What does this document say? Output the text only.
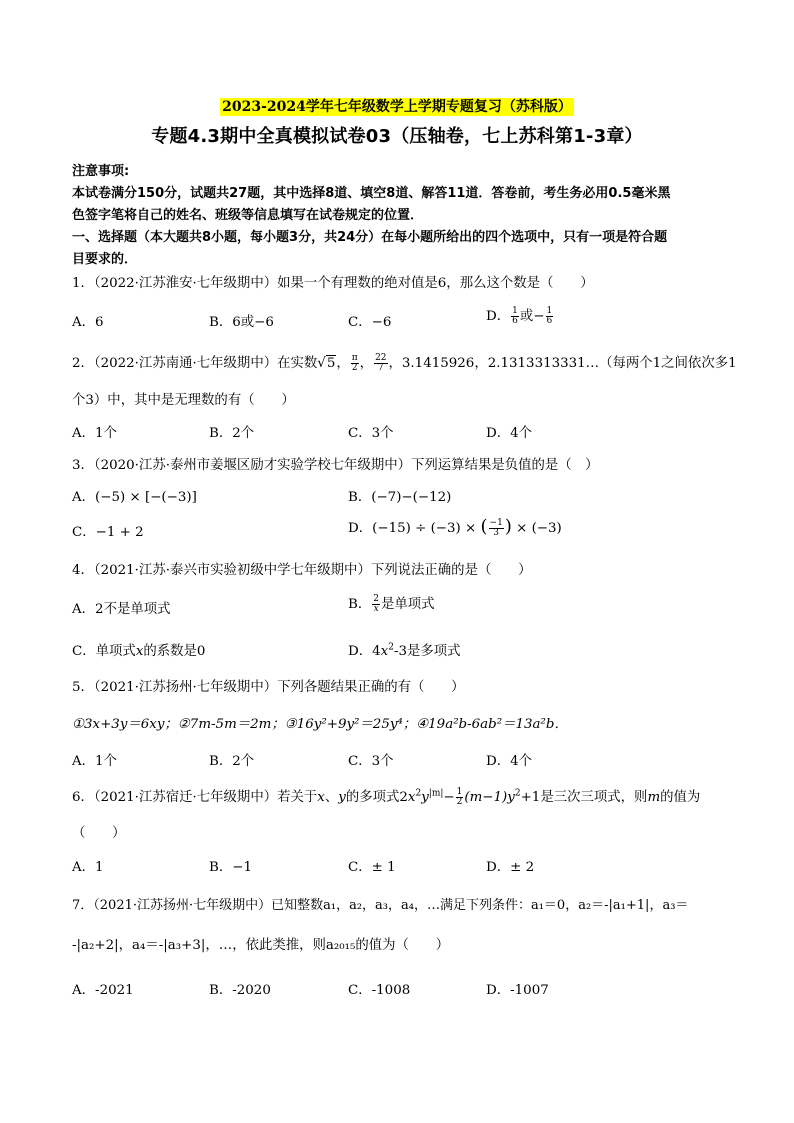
2023-2024学年七年级数学上学期专题复习（苏科版）
专题4.3期中全真模拟试卷03（压轴卷，七上苏科第1-3章）
注意事项:
本试卷满分150分，试题共27题，其中选择8道、填空8道、解答11道．答卷前，考生务必用0.5毫米黑
色签字笔将自己的姓名、班级等信息填写在试卷规定的位置．
一、选择题（本大题共8小题，每小题3分，共24分）在每小题所给出的四个选项中，只有一项是符合题
目要求的．
1．（2022·江苏淮安·七年级期中）如果一个有理数的绝对值是6，那么这个数是（　　）
A．6	B．6或−6	C．−6	D． $\frac{1}{6}$ 或− $\frac{1}{6}$
2．（2022·江苏南通·七年级期中）在实数√5， $\frac{\pi}{2}$ ， $\frac{22}{7}$ ，3.1415926，2.1313313331…（每两个1之间依次多1
个3）中，其中是无理数的有（　　）
A．1个	B．2个	C．3个	D．4个
3．（2020·江苏·泰州市姜堰区励才实验学校七年级期中）下列运算结果是负值的是（　）
A．(−5) × [−(−3)]	B．(−7)−(−12)
C．−1 + 2	D．(−15) ÷ (−3) × ( $\frac{-1}{3}$ ) × (−3)
4．（2021·江苏·泰兴市实验初级中学七年级期中）下列说法正确的是（　　）
A．2不是单项式	B． $\frac{2}{x}$ 是单项式
C．单项式x的系数是0	D．$4x^2-3$是多项式
5．（2021·江苏扬州·七年级期中）下列各题结果正确的有（　　）
①3x+3y＝6xy；②7m-5m＝2m；③16y²+9y²＝25y⁴；④19a²b-6ab²＝13a²b．
A．1个	B．2个	C．3个	D．4个
6．（2021·江苏宿迁·七年级期中）若关于x、y的多项式$2x^2y^{|m|}- \frac{1}{2} (m-1)y^2+1$是三次三项式，则m的值为
（　　）
A．1	B．−1	C．± 1	D．± 2
7．（2021·江苏扬州·七年级期中）已知整数a₁，a₂，a₃，a₄，…满足下列条件：a₁＝0，a₂＝-|a₁+1|，a₃＝
-|a₂+2|，a₄＝-|a₃+3|，…，依此类推，则a₂₀₁₅的值为（　　）
A．-2021	B．-2020	C．-1008	D．-1007
